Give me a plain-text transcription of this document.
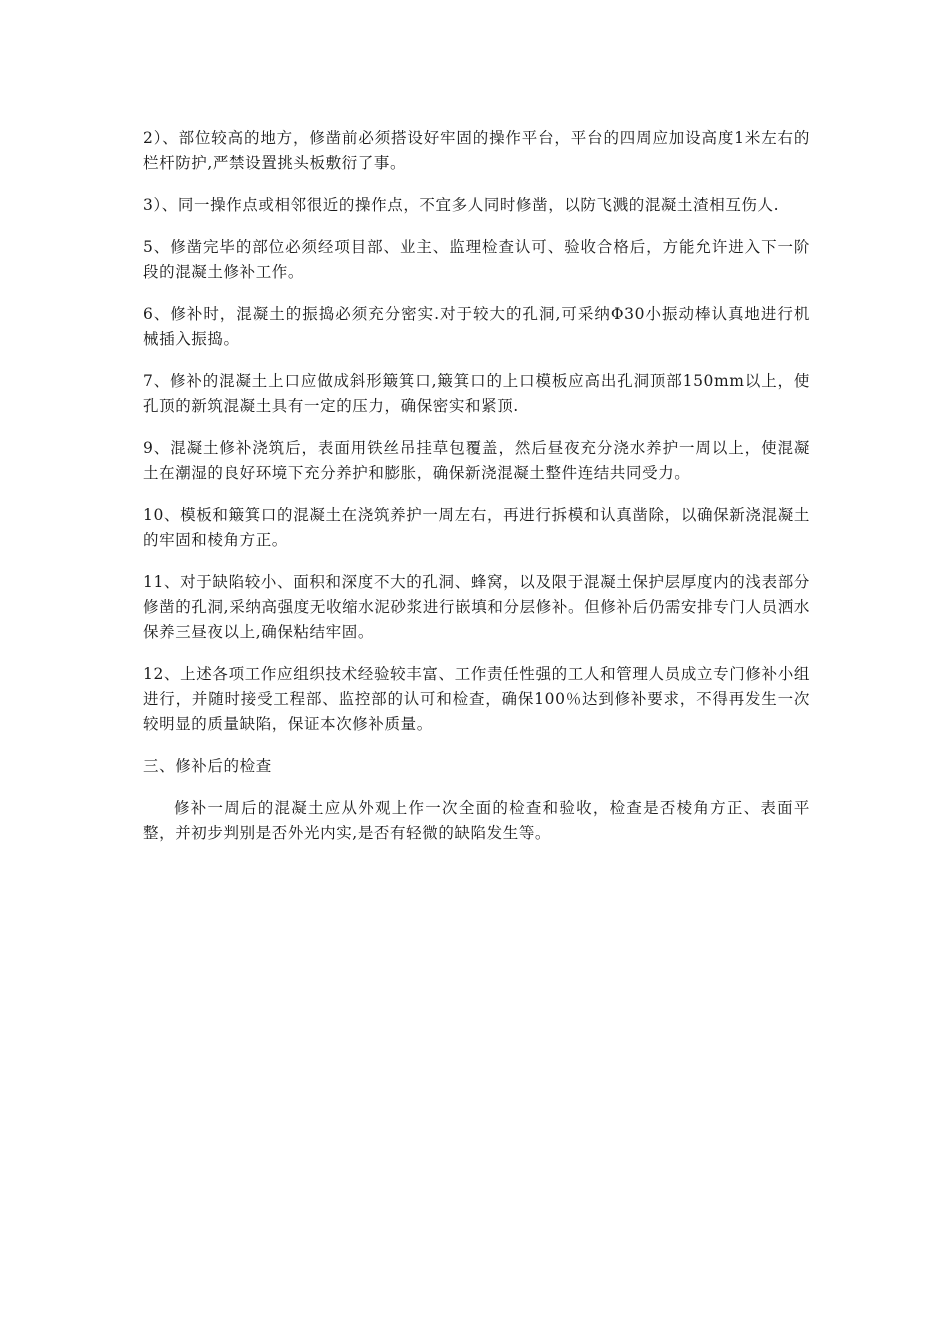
2）、部位较高的地方，修凿前必须搭设好牢固的操作平台，平台的四周应加设高度1米左右的栏杆防护,严禁设置挑头板敷衍了事。

3）、同一操作点或相邻很近的操作点，不宜多人同时修凿，以防飞溅的混凝土渣相互伤人.

5、修凿完毕的部位必须经项目部、业主、监理检查认可、验收合格后，方能允许进入下一阶段的混凝土修补工作。

6、修补时，混凝土的振捣必须充分密实.对于较大的孔洞,可采纳Φ30小振动棒认真地进行机械插入振捣。

7、修补的混凝土上口应做成斜形簸箕口,簸箕口的上口模板应高出孔洞顶部150mm以上，使孔顶的新筑混凝土具有一定的压力，确保密实和紧顶.

9、混凝土修补浇筑后，表面用铁丝吊挂草包覆盖，然后昼夜充分浇水养护一周以上，使混凝土在潮湿的良好环境下充分养护和膨胀，确保新浇混凝土整件连结共同受力。

10、模板和簸箕口的混凝土在浇筑养护一周左右，再进行拆模和认真凿除，以确保新浇混凝土的牢固和棱角方正。

11、对于缺陷较小、面积和深度不大的孔洞、蜂窝，以及限于混凝土保护层厚度内的浅表部分修凿的孔洞,采纳高强度无收缩水泥砂浆进行嵌填和分层修补。但修补后仍需安排专门人员洒水保养三昼夜以上,确保粘结牢固。

12、上述各项工作应组织技术经验较丰富、工作责任性强的工人和管理人员成立专门修补小组进行，并随时接受工程部、监控部的认可和检查，确保100％达到修补要求，不得再发生一次较明显的质量缺陷，保证本次修补质量。

三、修补后的检查

修补一周后的混凝土应从外观上作一次全面的检查和验收，检查是否棱角方正、表面平整，并初步判别是否外光内实,是否有轻微的缺陷发生等。
